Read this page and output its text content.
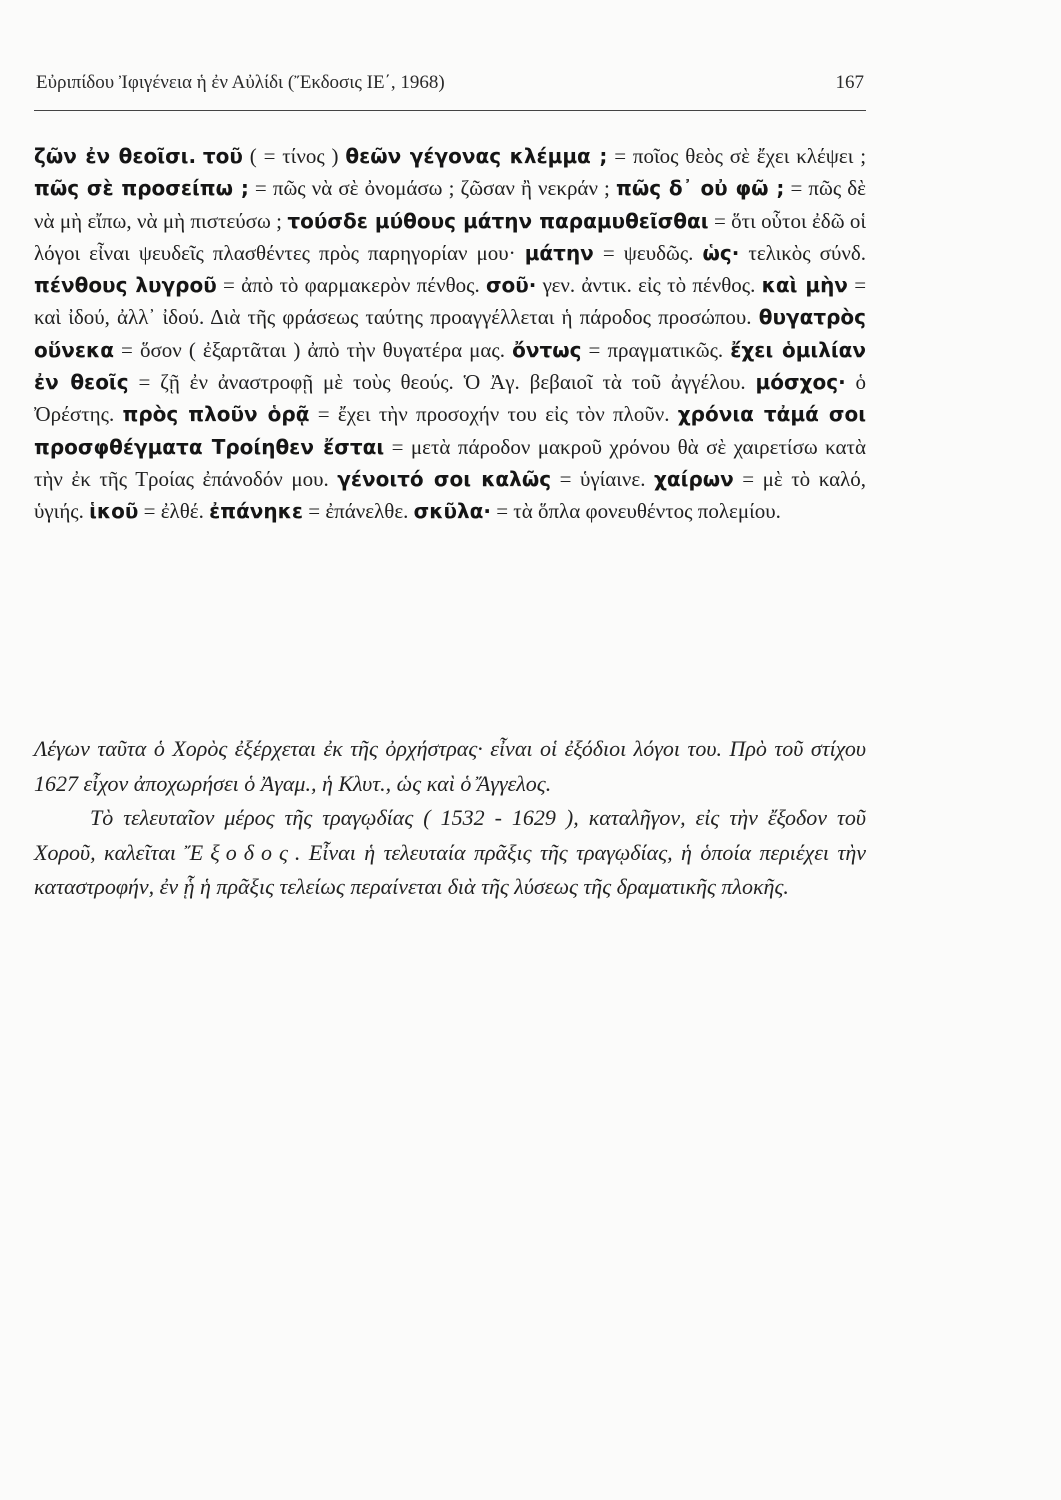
Εὐριπίδου Ἰφιγένεια ἡ ἐν Αὐλίδι (Ἔκδοσις ΙΕ΄, 1968)	167
ζῶν ἐν θεοῖσι. τοῦ ( = τίνος ) θεῶν γέγονας κλέμμα ; = ποῖος θεὸς σὲ ἔχει κλέψει ; πῶς σὲ προσείπω ; = πῶς νὰ σὲ ὀνομάσω ; ζῶσαν ἢ νεκράν ; πῶς δ᾽ οὐ φῶ ; = πῶς δὲ νὰ μὴ εἴπω, νὰ μὴ πιστεύσω ; τούσδε μύθους μάτην παραμυθεῖσθαι = ὅτι οὗτοι ἐδῶ οἱ λόγοι εἶναι ψευδεῖς πλασθέντες πρὸς παρηγορίαν μου· μάτην = ψευδῶς. ὡς· τελικὸς σύνδ. πένθους λυγροῦ = ἀπὸ τὸ φαρμακερὸν πένθος. σοῦ· γεν. ἀντικ. εἰς τὸ πένθος. καὶ μὴν = καὶ ἰδού, ἀλλ᾽ ἰδού. Διὰ τῆς φράσεως ταύτης προαγγέλλεται ἡ πάροδος προσώπου. θυγατρὸς οὕνεκα = ὅσον ( ἐξαρτᾶται ) ἀπὸ τὴν θυγατέρα μας. ὄντως = πραγματικῶς. ἔχει ὁμιλίαν ἐν θεοῖς = ζῇ ἐν ἀναστροφῇ μὲ τοὺς θεούς. Ὁ Ἀγ. βεβαιοῖ τὰ τοῦ ἀγγέλου. μόσχος· ὁ Ὀρέστης. πρὸς πλοῦν ὁρᾷ = ἔχει τὴν προσοχήν του εἰς τὸν πλοῦν. χρόνια τἀμά σοι προσφθέγματα Τροίηθεν ἔσται = μετὰ πάροδον μακροῦ χρόνου θὰ σὲ χαιρετίσω κατὰ τὴν ἐκ τῆς Τροίας ἐπάνοδόν μου. γένοιτό σοι καλῶς = ὑγίαινε. χαίρων = μὲ τὸ καλό, ὑγιής. ἱκοῦ = ἐλθέ. ἐπάνηκε = ἐπάνελθε. σκῦλα· = τὰ ὅπλα φονευθέντος πολεμίου.

Λέγων ταῦτα ὁ Χορὸς ἐξέρχεται ἐκ τῆς ὀρχήστρας· εἶναι οἱ ἐξόδιοι λόγοι του. Πρὸ τοῦ στίχου 1627 εἶχον ἀποχωρήσει ὁ Ἀγαμ., ἡ Κλυτ., ὡς καὶ ὁ Ἄγγελος.

Τὸ τελευταῖον μέρος τῆς τραγῳδίας ( 1532 - 1629 ), καταλῆγον, εἰς τὴν ἔξοδον τοῦ Χοροῦ, καλεῖται Ἔξοδος. Εἶναι ἡ τελευταία πρᾶξις τῆς τραγῳδίας, ἡ ὁποία περιέχει τὴν καταστροφήν, ἐν ᾗ ἡ πρᾶξις τελείως περαίνεται διὰ τῆς λύσεως τῆς δραματικῆς πλοκῆς.
